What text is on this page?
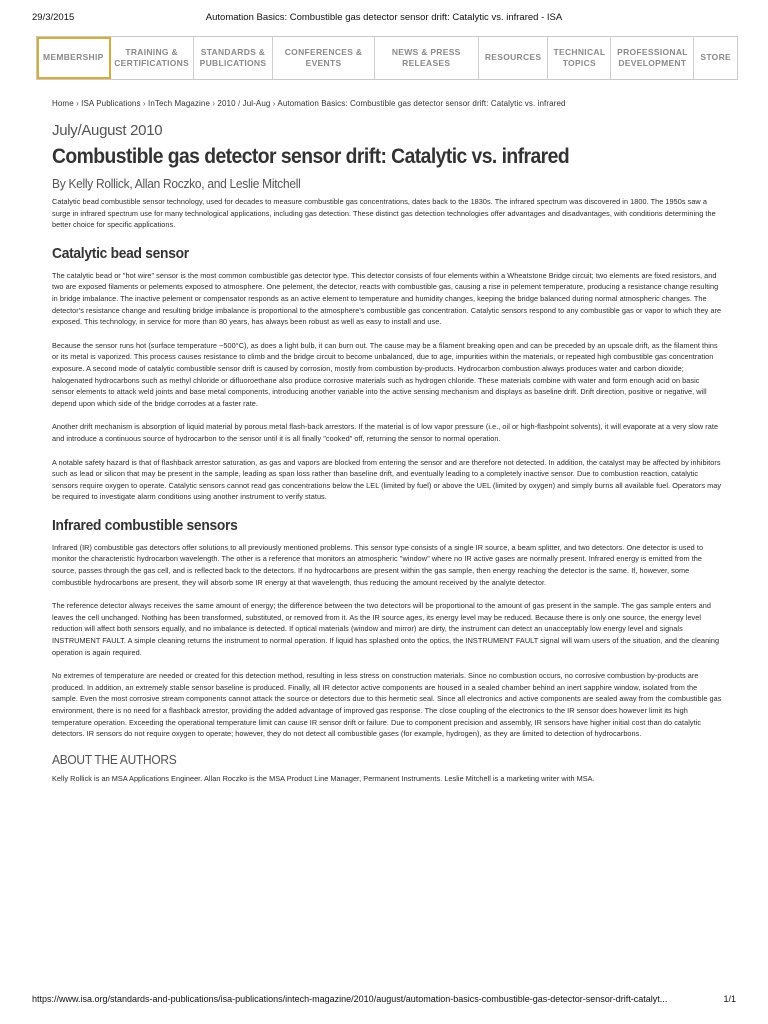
29/3/2015	Automation Basics: Combustible gas detector sensor drift: Catalytic vs. infrared - ISA
MEMBERSHIP
TRAINING & CERTIFICATIONS
STANDARDS & PUBLICATIONS
CONFERENCES & EVENTS
NEWS & PRESS RELEASES
RESOURCES
TECHNICAL TOPICS
PROFESSIONAL DEVELOPMENT
STORE
Home › ISA Publications › InTech Magazine › 2010 / Jul-Aug › Automation Basics: Combustible gas detector sensor drift: Catalytic vs. infrared
July/August 2010
Combustible gas detector sensor drift: Catalytic vs. infrared
By Kelly Rollick, Allan Roczko, and Leslie Mitchell

Catalytic bead combustible sensor technology, used for decades to measure combustible gas concentrations, dates back to the 1830s. The infrared spectrum was discovered in 1800. The 1950s saw a surge in infrared spectrum use for many technological applications, including gas detection. These distinct gas detection technologies offer advantages and disadvantages, with conditions determining the better choice for specific applications.

Catalytic bead sensor

The catalytic bead or "hot wire" sensor is the most common combustible gas detector type. This detector consists of four elements within a Wheatstone Bridge circuit; two elements are fixed resistors, and two are exposed filaments or pelements exposed to atmosphere. One pelement, the detector, reacts with combustible gas, causing a rise in pelement temperature, producing a resistance change resulting in bridge imbalance. The inactive pelement or compensator responds as an active element to temperature and humidity changes, keeping the bridge balanced during normal atmospheric changes. The detector's resistance change and resulting bridge imbalance is proportional to the atmosphere's combustible gas concentration. Catalytic sensors respond to any combustible gas or vapor to which they are exposed. This technology, in service for more than 80 years, has always been robust as well as easy to install and use.

Because the sensor runs hot (surface temperature ~500°C), as does a light bulb, it can burn out. The cause may be a filament breaking open and can be preceded by an upscale drift, as the filament thins or its metal is vaporized. This process causes resistance to climb and the bridge circuit to become unbalanced, due to age, impurities within the materials, or repeated high combustible gas concentration exposure. A second mode of catalytic combustible sensor drift is caused by corrosion, mostly from combustion by-products. Hydrocarbon combustion always produces water and carbon dioxide; halogenated hydrocarbons such as methyl chloride or difluoroethane also produce corrosive materials such as hydrogen chloride. These materials combine with water and form enough acid on basic sensor elements to attack weld joints and base metal components, introducing another variable into the active sensing mechanism and displays as baseline drift. Drift direction, positive or negative, will depend upon which side of the bridge corrodes at a faster rate.

Another drift mechanism is absorption of liquid material by porous metal flash-back arrestors. If the material is of low vapor pressure (i.e., oil or high-flashpoint solvents), it will evaporate at a very slow rate and introduce a continuous source of hydrocarbon to the sensor until it is all finally "cooked" off, returning the sensor to normal operation.

A notable safety hazard is that of flashback arrestor saturation, as gas and vapors are blocked from entering the sensor and are therefore not detected. In addition, the catalyst may be affected by inhibitors such as lead or silicon that may be present in the sample, leading as span loss rather than baseline drift, and eventually leading to a completely inactive sensor. Due to combustion reaction, catalytic sensors require oxygen to operate. Catalytic sensors cannot read gas concentrations below the LEL (limited by fuel) or above the UEL (limited by oxygen) and simply burns all available fuel. Operators may be required to investigate alarm conditions using another instrument to verify status.

Infrared combustible sensors

Infrared (IR) combustible gas detectors offer solutions to all previously mentioned problems. This sensor type consists of a single IR source, a beam splitter, and two detectors. One detector is used to monitor the characteristic hydrocarbon wavelength. The other is a reference that monitors an atmospheric "window" where no IR active gases are normally present. Infrared energy is emitted from the source, passes through the gas cell, and is reflected back to the detectors. If no hydrocarbons are present within the gas sample, then energy reaching the detector is the same. If, however, some combustible hydrocarbons are present, they will absorb some IR energy at that wavelength, thus reducing the amount received by the analyte detector.

The reference detector always receives the same amount of energy; the difference between the two detectors will be proportional to the amount of gas present in the sample. The gas sample enters and leaves the cell unchanged. Nothing has been transformed, substituted, or removed from it. As the IR source ages, its energy level may be reduced. Because there is only one source, the energy level reduction will affect both sensors equally, and no imbalance is detected. If optical materials (window and mirror) are dirty, the instrument can detect an unacceptably low energy level and signals INSTRUMENT FAULT. A simple cleaning returns the instrument to normal operation. If liquid has splashed onto the optics, the INSTRUMENT FAULT signal will warn users of the situation, and the cleaning operation is again required.

No extremes of temperature are needed or created for this detection method, resulting in less stress on construction materials. Since no combustion occurs, no corrosive combustion by-products are produced. In addition, an extremely stable sensor baseline is produced. Finally, all IR detector active components are housed in a sealed chamber behind an inert sapphire window, isolated from the sample. Even the most corrosive stream components cannot attack the source or detectors due to this hermetic seal. Since all electronics and active components are sealed away from the combustible gas environment, there is no need for a flashback arrestor, providing the added advantage of improved gas response. The close coupling of the electronics to the IR sensor does however limit its high temperature operation. Exceeding the operational temperature limit can cause IR sensor drift or failure. Due to component precision and assembly, IR sensors have higher initial cost than do catalytic detectors. IR sensors do not require oxygen to operate; however, they do not detect all combustible gases (for example, hydrogen), as they are limited to detection of hydrocarbons.

ABOUT THE AUTHORS

Kelly Rollick is an MSA Applications Engineer. Allan Roczko is the MSA Product Line Manager, Permanent Instruments. Leslie Mitchell is a marketing writer with MSA.

https://www.isa.org/standards-and-publications/isa-publications/intech-magazine/2010/august/automation-basics-combustible-gas-detector-sensor-drift-catalyt...	1/1
